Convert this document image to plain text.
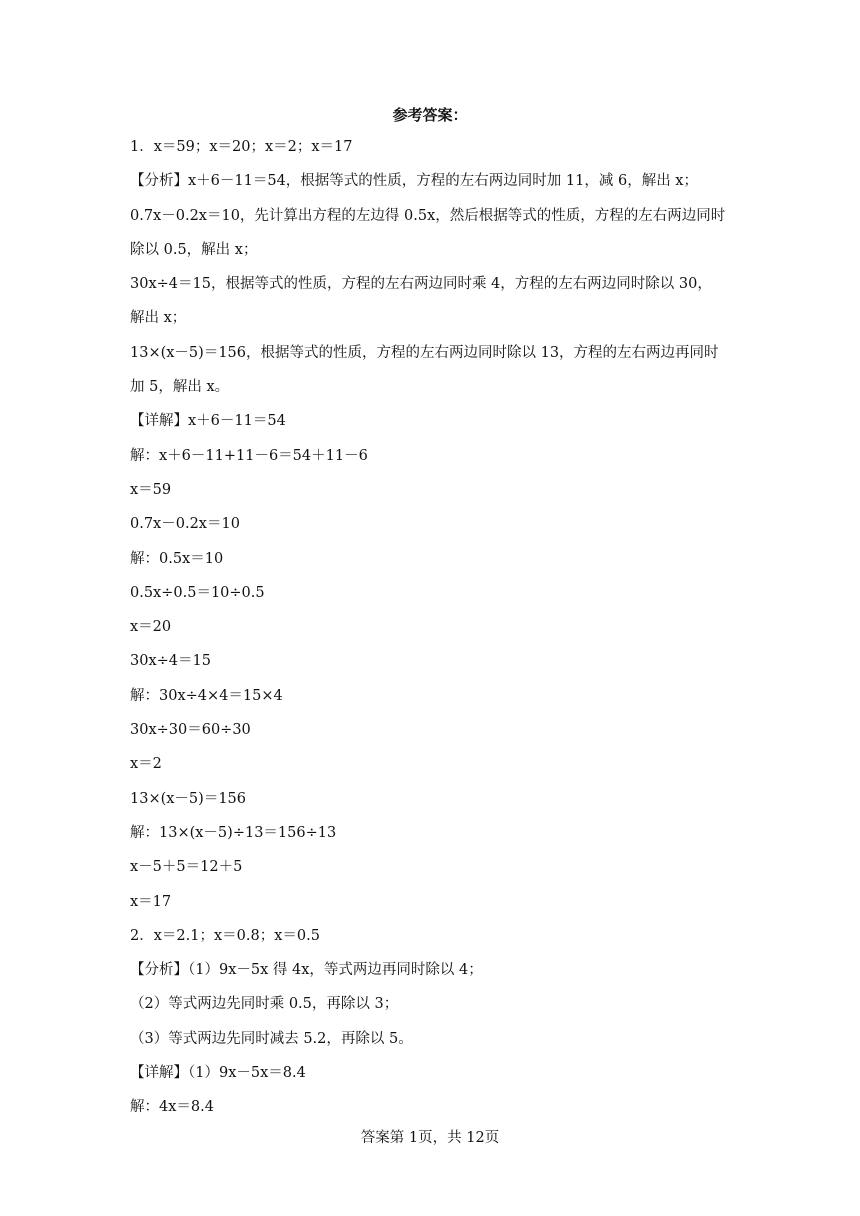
参考答案：
1．x＝59；x＝20；x＝2；x＝17
【分析】x＋6－11＝54，根据等式的性质，方程的左右两边同时加 11，减 6，解出 x；
0.7x－0.2x＝10，先计算出方程的左边得 0.5x，然后根据等式的性质，方程的左右两边同时
除以 0.5，解出 x；
30x÷4＝15，根据等式的性质，方程的左右两边同时乘 4，方程的左右两边同时除以 30，
解出 x；
13×(x－5)＝156，根据等式的性质，方程的左右两边同时除以 13，方程的左右两边再同时
加 5，解出 x。
【详解】x＋6－11＝54
解：x＋6－11+11－6＝54＋11－6
x＝59
0.7x－0.2x＝10
解：0.5x＝10
0.5x÷0.5＝10÷0.5
x＝20
30x÷4＝15
解：30x÷4×4＝15×4
30x÷30＝60÷30
x＝2
13×(x－5)＝156
解：13×(x－5)÷13＝156÷13
x－5＋5＝12＋5
x＝17
2．x＝2.1；x＝0.8；x＝0.5
【分析】（1）9x－5x 得 4x，等式两边再同时除以 4；
（2）等式两边先同时乘 0.5，再除以 3；
（3）等式两边先同时减去 5.2，再除以 5。
【详解】（1）9x－5x＝8.4
解：4x＝8.4
答案第 1页，共 12页
